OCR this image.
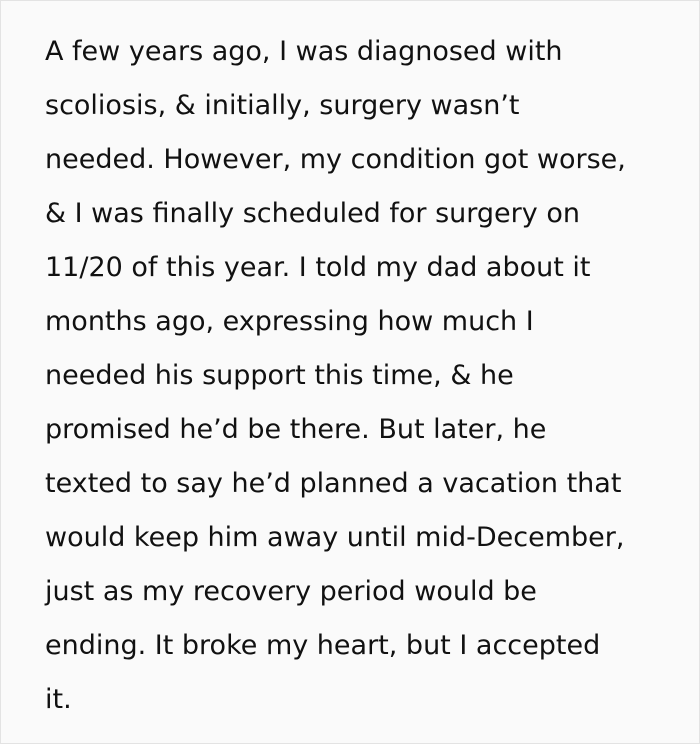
A few years ago, I was diagnosed with
scoliosis, & initially, surgery wasn’t
needed. However, my condition got worse,
& I was finally scheduled for surgery on
11/20 of this year. I told my dad about it
months ago, expressing how much I
needed his support this time, & he
promised he’d be there. But later, he
texted to say he’d planned a vacation that
would keep him away until mid-December,
just as my recovery period would be
ending. It broke my heart, but I accepted
it.
